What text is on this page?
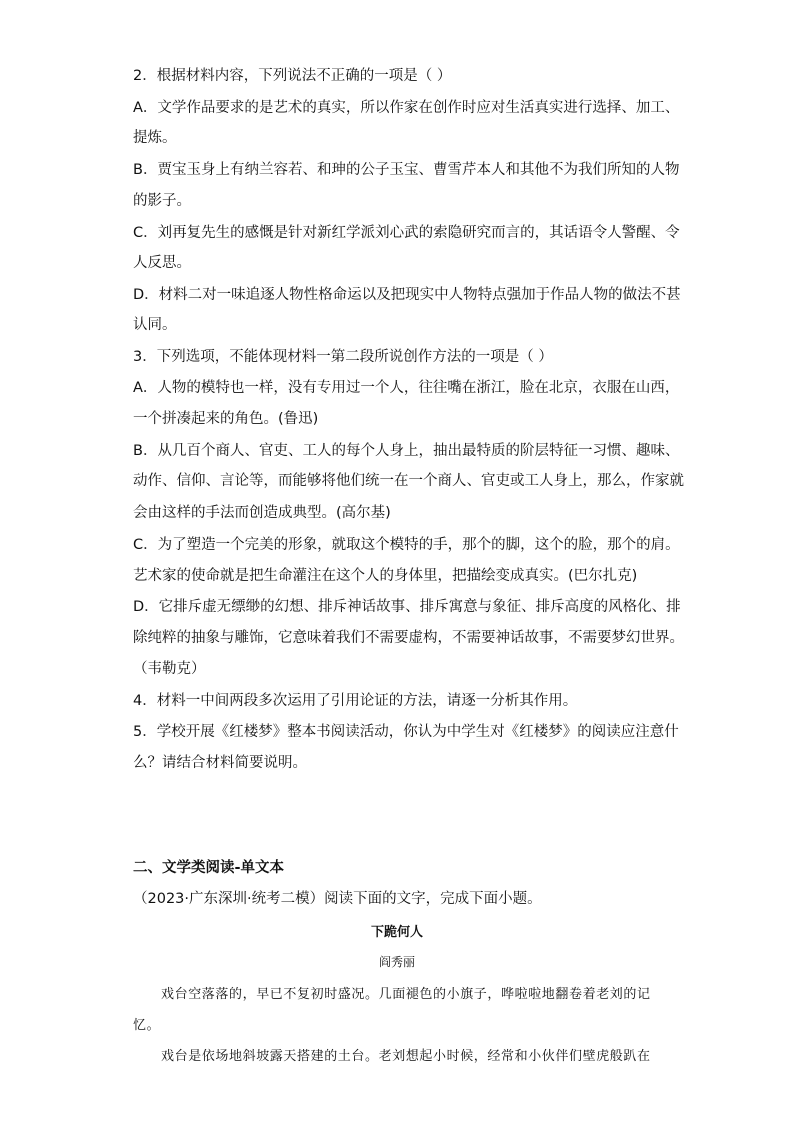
2．根据材料内容，下列说法不正确的一项是（ ）
A．文学作品要求的是艺术的真实，所以作家在创作时应对生活真实进行选择、加工、
提炼。
B．贾宝玉身上有纳兰容若、和珅的公子玉宝、曹雪芹本人和其他不为我们所知的人物
的影子。
C．刘再复先生的感慨是针对新红学派刘心武的索隐研究而言的，其话语令人警醒、令
人反思。
D．材料二对一味追逐人物性格命运以及把现实中人物特点强加于作品人物的做法不甚
认同。
3．下列选项，不能体现材料一第二段所说创作方法的一项是（ ）
A．人物的模特也一样，没有专用过一个人，往往嘴在浙江，脸在北京，衣服在山西，
一个拼凑起来的角色。(鲁迅)
B．从几百个商人、官吏、工人的每个人身上，抽出最特质的阶层特征一习惯、趣味、
动作、信仰、言论等，而能够将他们统一在一个商人、官吏或工人身上，那么，作家就
会由这样的手法而创造成典型。(高尔基)
C．为了塑造一个完美的形象，就取这个模特的手，那个的脚，这个的脸，那个的肩。
艺术家的使命就是把生命灌注在这个人的身体里，把描绘变成真实。(巴尔扎克)
D．它排斥虚无缥缈的幻想、排斥神话故事、排斥寓意与象征、排斥高度的风格化、排
除纯粹的抽象与雕饰，它意味着我们不需要虚构，不需要神话故事，不需要梦幻世界。
（韦勒克）
4．材料一中间两段多次运用了引用论证的方法，请逐一分析其作用。
5．学校开展《红楼梦》整本书阅读活动，你认为中学生对《红楼梦》的阅读应注意什
么？请结合材料简要说明。
二、文学类阅读-单文本
（2023·广东深圳·统考二模）阅读下面的文字，完成下面小题。
下跪何人
阎秀丽
戏台空落落的，早已不复初时盛况。几面褪色的小旗子，哗啦啦地翻卷着老刘的记
忆。
戏台是依场地斜坡露天搭建的土台。老刘想起小时候，经常和小伙伴们壁虎般趴在
